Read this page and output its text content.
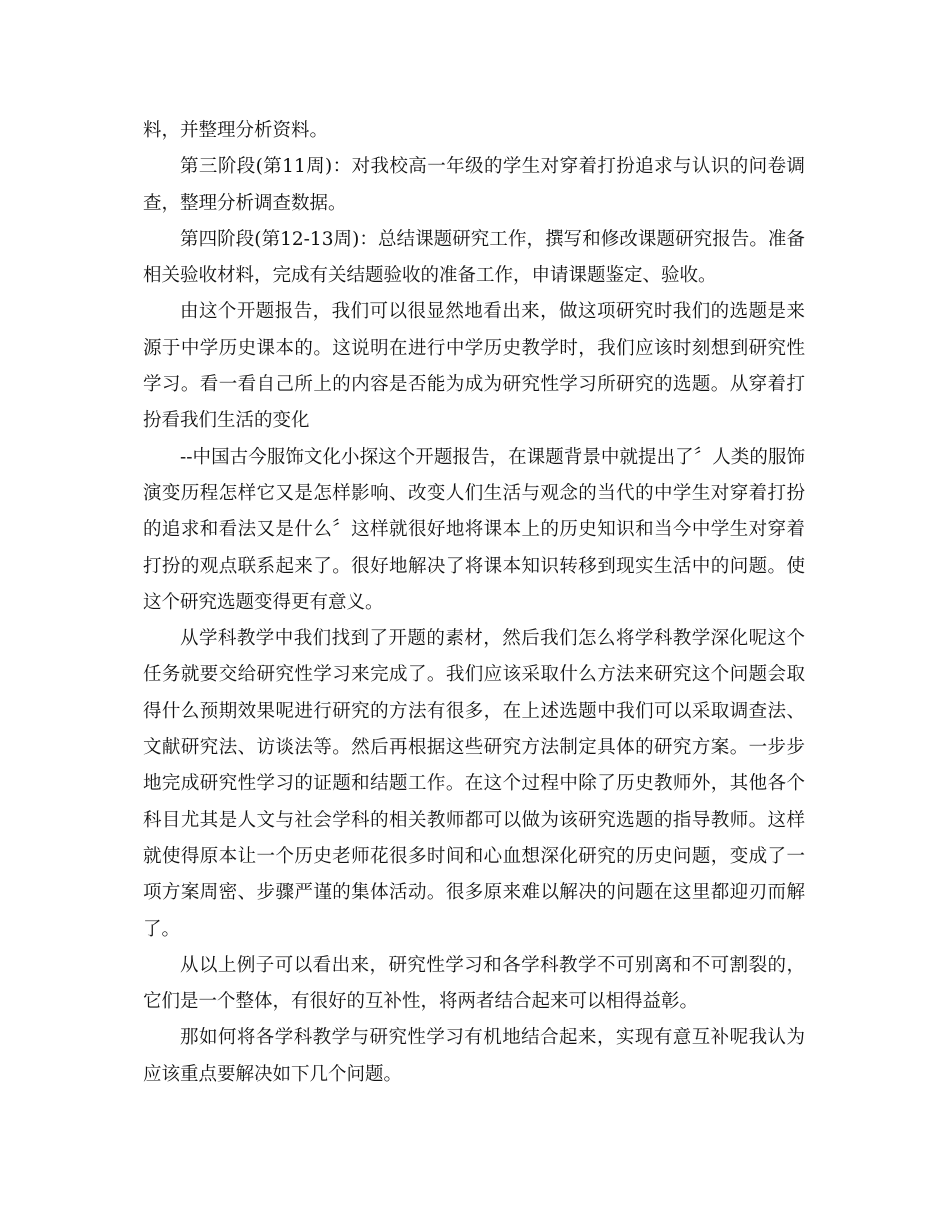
料，并整理分析资料。

第三阶段(第11周)：对我校高一年级的学生对穿着打扮追求与认识的问卷调查，整理分析调查数据。

第四阶段(第12-13周)：总结课题研究工作，撰写和修改课题研究报告。准备相关验收材料，完成有关结题验收的准备工作，申请课题鉴定、验收。

由这个开题报告，我们可以很显然地看出来，做这项研究时我们的选题是来源于中学历史课本的。这说明在进行中学历史教学时，我们应该时刻想到研究性学习。看一看自己所上的内容是否能为成为研究性学习所研究的选题。从穿着打扮看我们生活的变化

--中国古今服饰文化小探这个开题报告，在课题背景中就提出了〞人类的服饰演变历程怎样它又是怎样影响、改变人们生活与观念的当代的中学生对穿着打扮的追求和看法又是什么〞这样就很好地将课本上的历史知识和当今中学生对穿着打扮的观点联系起来了。很好地解决了将课本知识转移到现实生活中的问题。使这个研究选题变得更有意义。

从学科教学中我们找到了开题的素材，然后我们怎么将学科教学深化呢这个任务就要交给研究性学习来完成了。我们应该采取什么方法来研究这个问题会取得什么预期效果呢进行研究的方法有很多，在上述选题中我们可以采取调查法、文献研究法、访谈法等。然后再根据这些研究方法制定具体的研究方案。一步步地完成研究性学习的证题和结题工作。在这个过程中除了历史教师外，其他各个科目尤其是人文与社会学科的相关教师都可以做为该研究选题的指导教师。这样就使得原本让一个历史老师花很多时间和心血想深化研究的历史问题，变成了一项方案周密、步骤严谨的集体活动。很多原来难以解决的问题在这里都迎刃而解了。

从以上例子可以看出来，研究性学习和各学科教学不可别离和不可割裂的，它们是一个整体，有很好的互补性，将两者结合起来可以相得益彰。

那如何将各学科教学与研究性学习有机地结合起来，实现有意互补呢我认为应该重点要解决如下几个问题。
